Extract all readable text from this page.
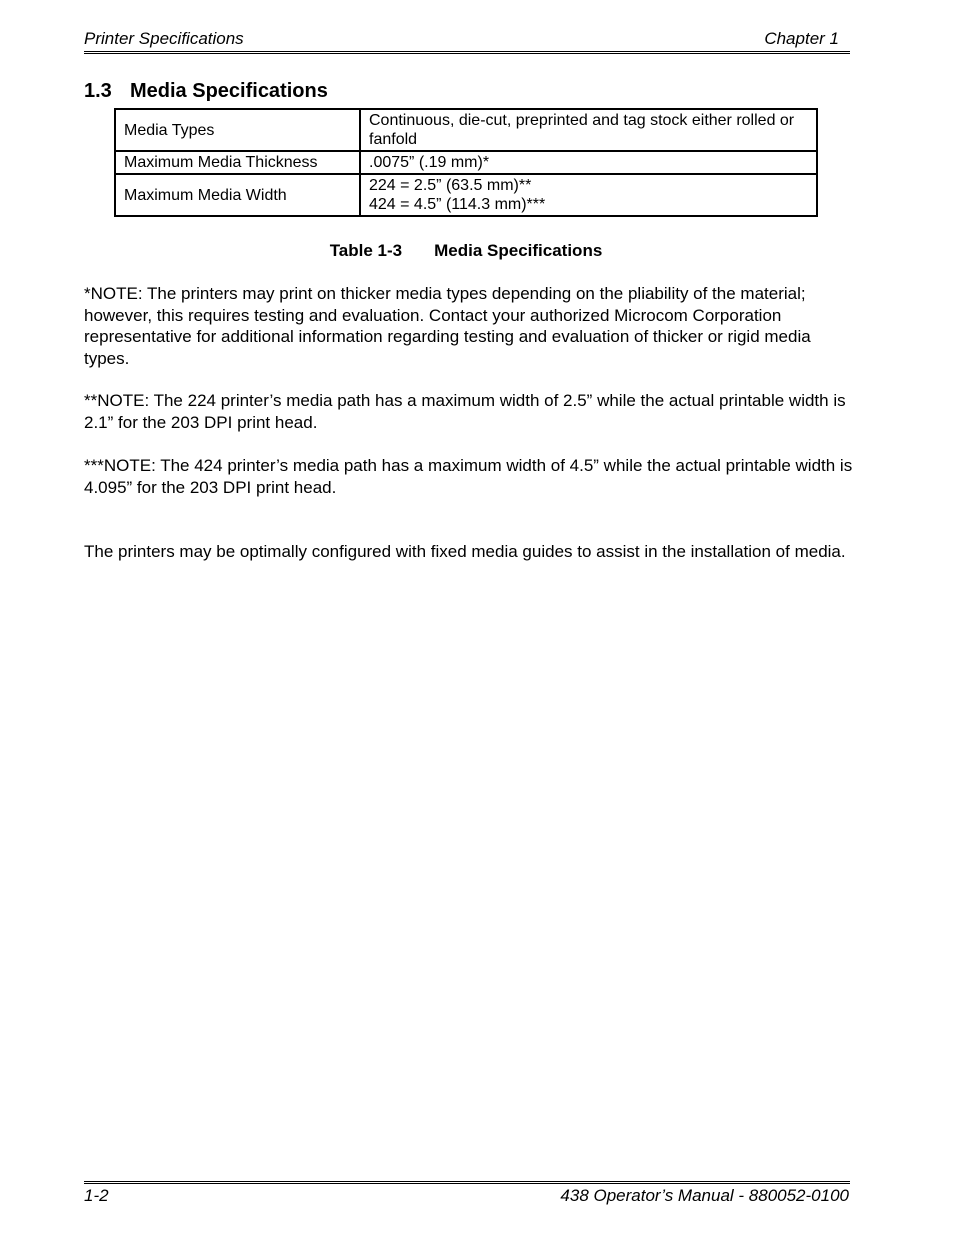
Printer Specifications	Chapter 1
1.3 Media Specifications
Media Types	Continuous, die-cut, preprinted and tag stock either rolled or fanfold

Maximum Media Thickness	.0075” (.19 mm)*

Maximum Media Width	224 = 2.5” (63.5 mm)**
424 = 4.5” (114.3 mm)***
Table 1-3 Media Specifications

*NOTE: The printers may print on thicker media types depending on the pliability of the material; however, this requires testing and evaluation. Contact your authorized Microcom Corporation representative for additional information regarding testing and evaluation of thicker or rigid media types.

**NOTE: The 224 printer’s media path has a maximum width of 2.5” while the actual printable width is 2.1” for the 203 DPI print head.

***NOTE: The 424 printer’s media path has a maximum width of 4.5” while the actual printable width is 4.095” for the 203 DPI print head.

The printers may be optimally configured with fixed media guides to assist in the installation of media.

1-2	438 Operator’s Manual - 880052-0100
